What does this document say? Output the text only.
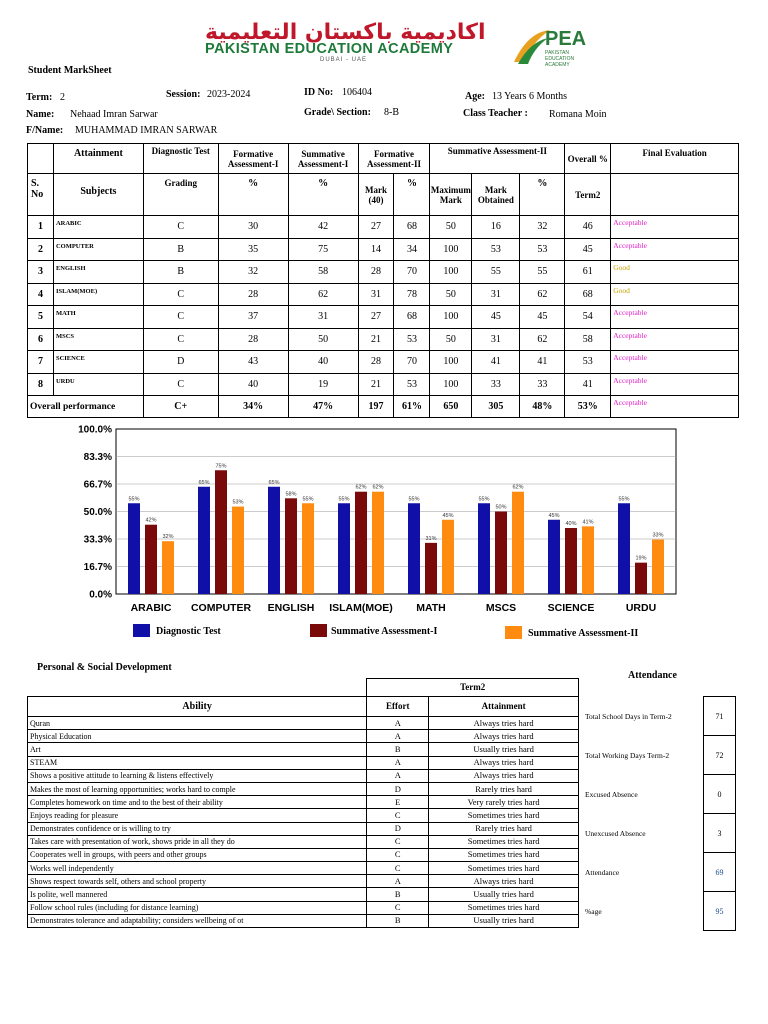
اكاديمية باكستان التعليمية
PAKISTAN EDUCATION ACADEMY
DUBAI - UAE
PEA
PAKISTAN EDUCATION ACADEMY
Student MarkSheet
Term: 2	Session: 2023-2024	ID No: 106404	Age: 13 Years 6 Months
Name: Nehaad Imran Sarwar	Grade\ Section: 8-B	Class Teacher : Romana Moin
F/Name: MUHAMMAD IMRAN SARWAR
	Attainment	Diagnostic Test	Formative Assessment-I	Summative Assessment-I	Formative Assessment-II		Summative Assessment-II			Overall %	Final Evaluation
S. No	Subjects	Grading	%	%	Mark (40)	%	Maximum Mark	Mark Obtained	%	Term2	
1	ARABIC	C	30	42	27	68	50	16	32	46	Acceptable
2	COMPUTER	B	35	75	14	34	100	53	53	45	Acceptable
3	ENGLISH	B	32	58	28	70	100	55	55	61	Good
4	ISLAM(MOE)	C	28	62	31	78	50	31	62	68	Good
5	MATH	C	37	31	27	68	100	45	45	54	Acceptable
6	MSCS	C	28	50	21	53	50	31	62	58	Acceptable
7	SCIENCE	D	43	40	28	70	100	41	41	53	Acceptable
8	URDU	C	40	19	21	53	100	33	33	41	Acceptable
Overall performance		C+	34%	47%	197	61%	650	305	48%	53%	Acceptable
0.0%
16.7%
33.3%
50.0%
66.7%
83.3%
100.0%
55%
42%
32%
ARABIC
65%
75%
53%
COMPUTER
65%
58%
55%
ENGLISH
55%
62% 62%
ISLAM(MOE)
55%
31%
45%
MATH
55%
50%
62%
MSCS
45%
40% 41%
SCIENCE
55%
19%
33%
URDU
Diagnostic Test	Summative Assessment-I	Summative Assessment-II
Personal & Social Development
	Term2	
Ability	Effort	Attainment
Quran	A	Always tries hard
Physical Education	A	Always tries hard
Art	B	Usually tries hard
STEAM	A	Always tries hard
Shows a positive attitude to learning & listens effectively	A	Always tries hard
Makes the most of learning opportunities; works hard to comple	D	Rarely tries hard
Completes homework on time and to the best of their ability	E	Very rarely tries hard
Enjoys reading for pleasure	C	Sometimes tries hard
Demonstrates confidence or is willing to try	D	Rarely tries hard
Takes care with presentation of work, shows pride in all they do	C	Sometimes tries hard
Cooperates well in groups, with peers and other groups	C	Sometimes tries hard
Works well independently	C	Sometimes tries hard
Shows respect towards self, others and school property	A	Always tries hard
Is polite, well mannered	B	Usually tries hard
Follow school rules (including for distance learning)	C	Sometimes tries hard
Demonstrates tolerance and adaptability; considers wellbeing of ot	B	Usually tries hard
Attendance
Total School Days in Term-2	71
Total Working Days Term-2	72
Excused Absence	0
Unexcused Absence	3
Attendance	69
%age	95
